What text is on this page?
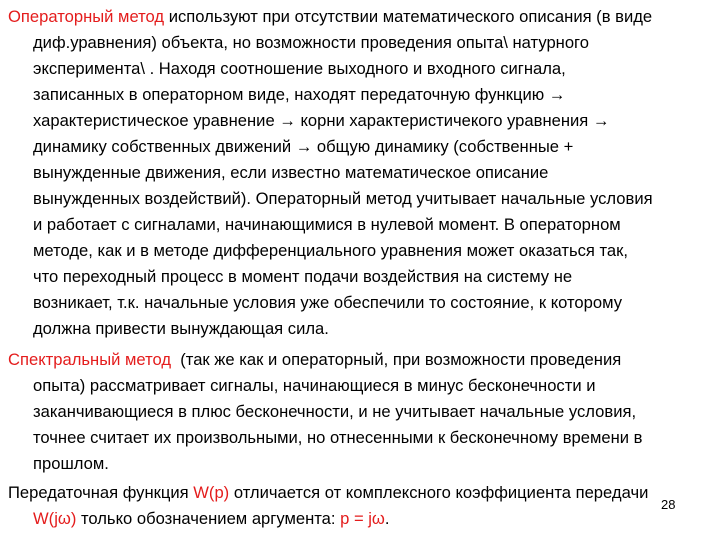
Операторный метод используют при отсутствии математического описания (в виде
диф.уравнения) объекта, но возможности проведения опыта\ натурного
эксперимента\ . Находя соотношение выходного и входного сигнала,
записанных в операторном виде, находят передаточную функцию →
характеристическое уравнение → корни характеристичекого уравнения →
динамику собственных движений → общую динамику (собственные +
вынужденные движения, если известно математическое описание
вынужденных воздействий). Операторный метод учитывает начальные условия
и работает с сигналами, начинающимися в нулевой момент. В операторном
методе, как и в методе дифференциального уравнения может оказаться так,
что переходный процесс в момент подачи воздействия на систему не
возникает, т.к. начальные условия уже обеспечили то состояние, к которому
должна привести вынуждающая сила.

Спектральный метод  (так же как и операторный, при возможности проведения
опыта) рассматривает сигналы, начинающиеся в минус бесконечности и
заканчивающиеся в плюс бесконечности, и не учитывает начальные условия,
точнее считает их произвольными, но отнесенными к бесконечному времени в
прошлом.

Передаточная функция W(p) отличается от комплексного коэффициента передачи
W(jω) только обозначением аргумента: p = jω.

28
